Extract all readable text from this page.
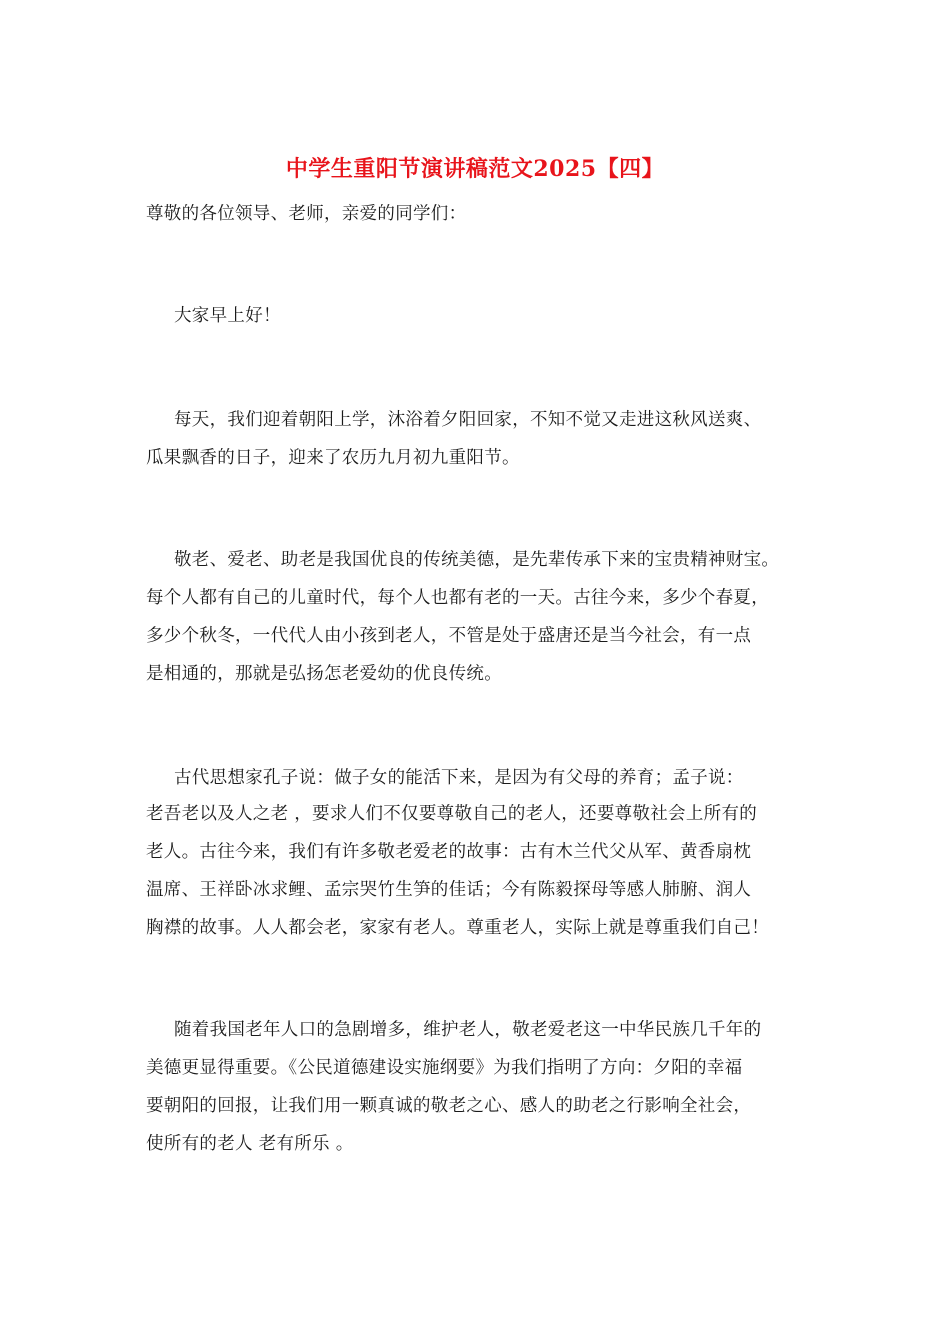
中学生重阳节演讲稿范文2025【四】
尊敬的各位领导、老师，亲爱的同学们：
大家早上好！
每天，我们迎着朝阳上学，沐浴着夕阳回家，不知不觉又走进这秋风送爽、
瓜果飘香的日子，迎来了农历九月初九重阳节。
敬老、爱老、助老是我国优良的传统美德，是先辈传承下来的宝贵精神财宝。
每个人都有自己的儿童时代，每个人也都有老的一天。古往今来，多少个春夏，
多少个秋冬，一代代人由小孩到老人，不管是处于盛唐还是当今社会，有一点
是相通的，那就是弘扬怎老爱幼的优良传统。
古代思想家孔子说：做子女的能活下来，是因为有父母的养育；孟子说：
老吾老以及人之老 ，要求人们不仅要尊敬自己的老人，还要尊敬社会上所有的
老人。古往今来，我们有许多敬老爱老的故事：古有木兰代父从军、黄香扇枕
温席、王祥卧冰求鲤、孟宗哭竹生笋的佳话；今有陈毅探母等感人肺腑、润人
胸襟的故事。人人都会老，家家有老人。尊重老人，实际上就是尊重我们自己！
随着我国老年人口的急剧增多，维护老人，敬老爱老这一中华民族几千年的
美德更显得重要。《公民道德建设实施纲要》为我们指明了方向：夕阳的幸福
要朝阳的回报，让我们用一颗真诚的敬老之心、感人的助老之行影响全社会，
使所有的老人 老有所乐 。
